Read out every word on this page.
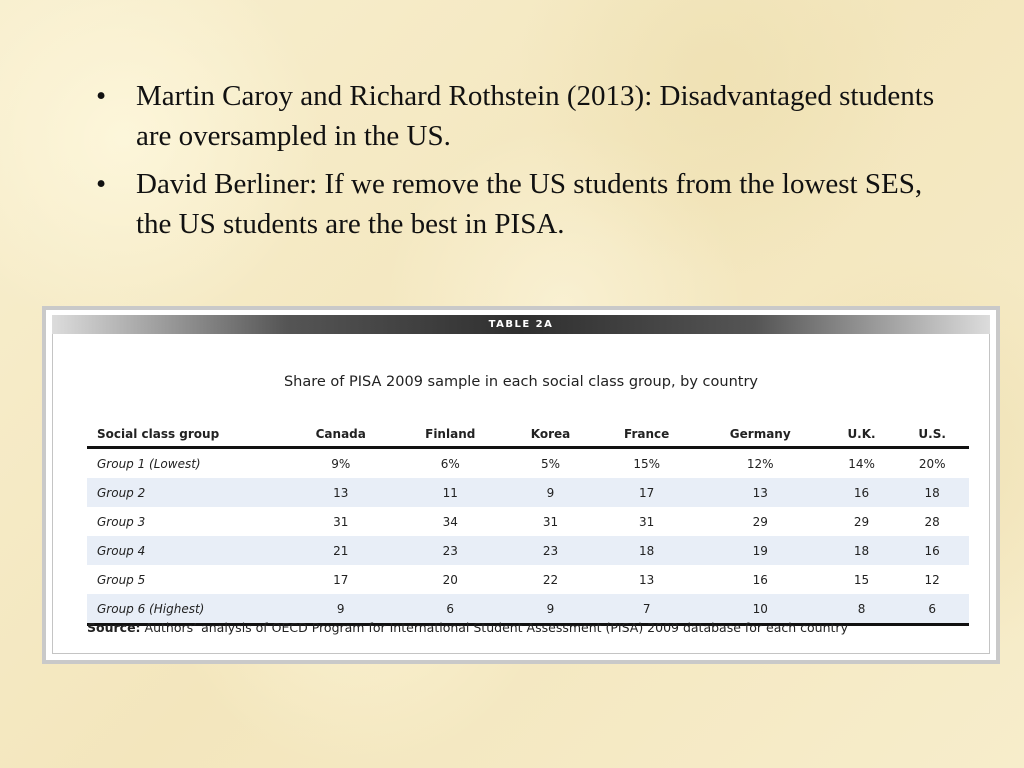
• Martin Caroy and Richard Rothstein (2013): Disadvantaged students are oversampled in the US.
• David Berliner: If we remove the US students from the lowest SES, the US students are the best in PISA.
TABLE 2A
Share of PISA 2009 sample in each social class group, by country
Social class group	Canada	Finland	Korea	France	Germany	U.K.	U.S.
Group 1 (Lowest)	9%	6%	5%	15%	12%	14%	20%
Group 2	13	11	9	17	13	16	18
Group 3	31	34	31	31	29	29	28
Group 4	21	23	23	18	19	18	16
Group 5	17	20	22	13	16	15	12
Group 6 (Highest)	9	6	9	7	10	8	6
Source: Authors’ analysis of OECD Program for International Student Assessment (PISA) 2009 database for each country
